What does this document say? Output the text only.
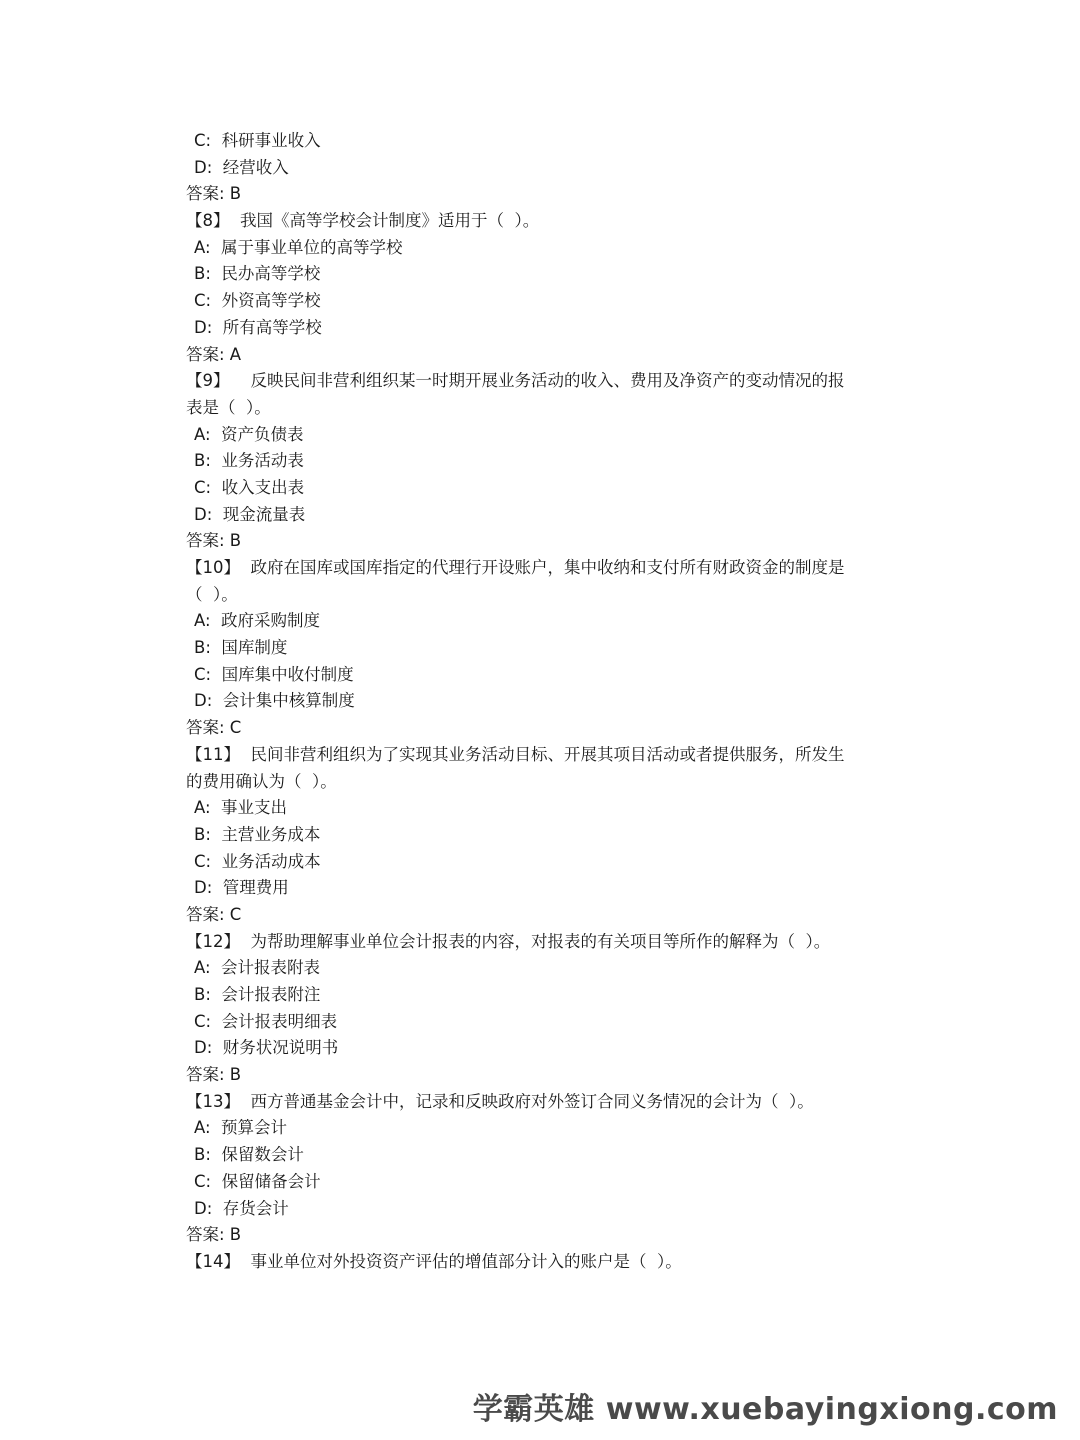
C:  科研事业收入
D:  经营收入
答案: B
【8】  我国《高等学校会计制度》适用于（  ）。
A:  属于事业单位的高等学校
B:  民办高等学校
C:  外资高等学校
D:  所有高等学校
答案: A
【9】    反映民间非营利组织某一时期开展业务活动的收入、费用及净资产的变动情况的报
表是（  ）。
A:  资产负债表
B:  业务活动表
C:  收入支出表
D:  现金流量表
答案: B
【10】  政府在国库或国库指定的代理行开设账户，集中收纳和支付所有财政资金的制度是
（  ）。
A:  政府采购制度
B:  国库制度
C:  国库集中收付制度
D:  会计集中核算制度
答案: C
【11】  民间非营利组织为了实现其业务活动目标、开展其项目活动或者提供服务，所发生
的费用确认为（  ）。
A:  事业支出
B:  主营业务成本
C:  业务活动成本
D:  管理费用
答案: C
【12】  为帮助理解事业单位会计报表的内容，对报表的有关项目等所作的解释为（  ）。
A:  会计报表附表
B:  会计报表附注
C:  会计报表明细表
D:  财务状况说明书
答案: B
【13】  西方普通基金会计中，记录和反映政府对外签订合同义务情况的会计为（  ）。
A:  预算会计
B:  保留数会计
C:  保留储备会计
D:  存货会计
答案: B
【14】  事业单位对外投资资产评估的增值部分计入的账户是（  ）。
学霸英雄 www.xuebayingxiong.com
